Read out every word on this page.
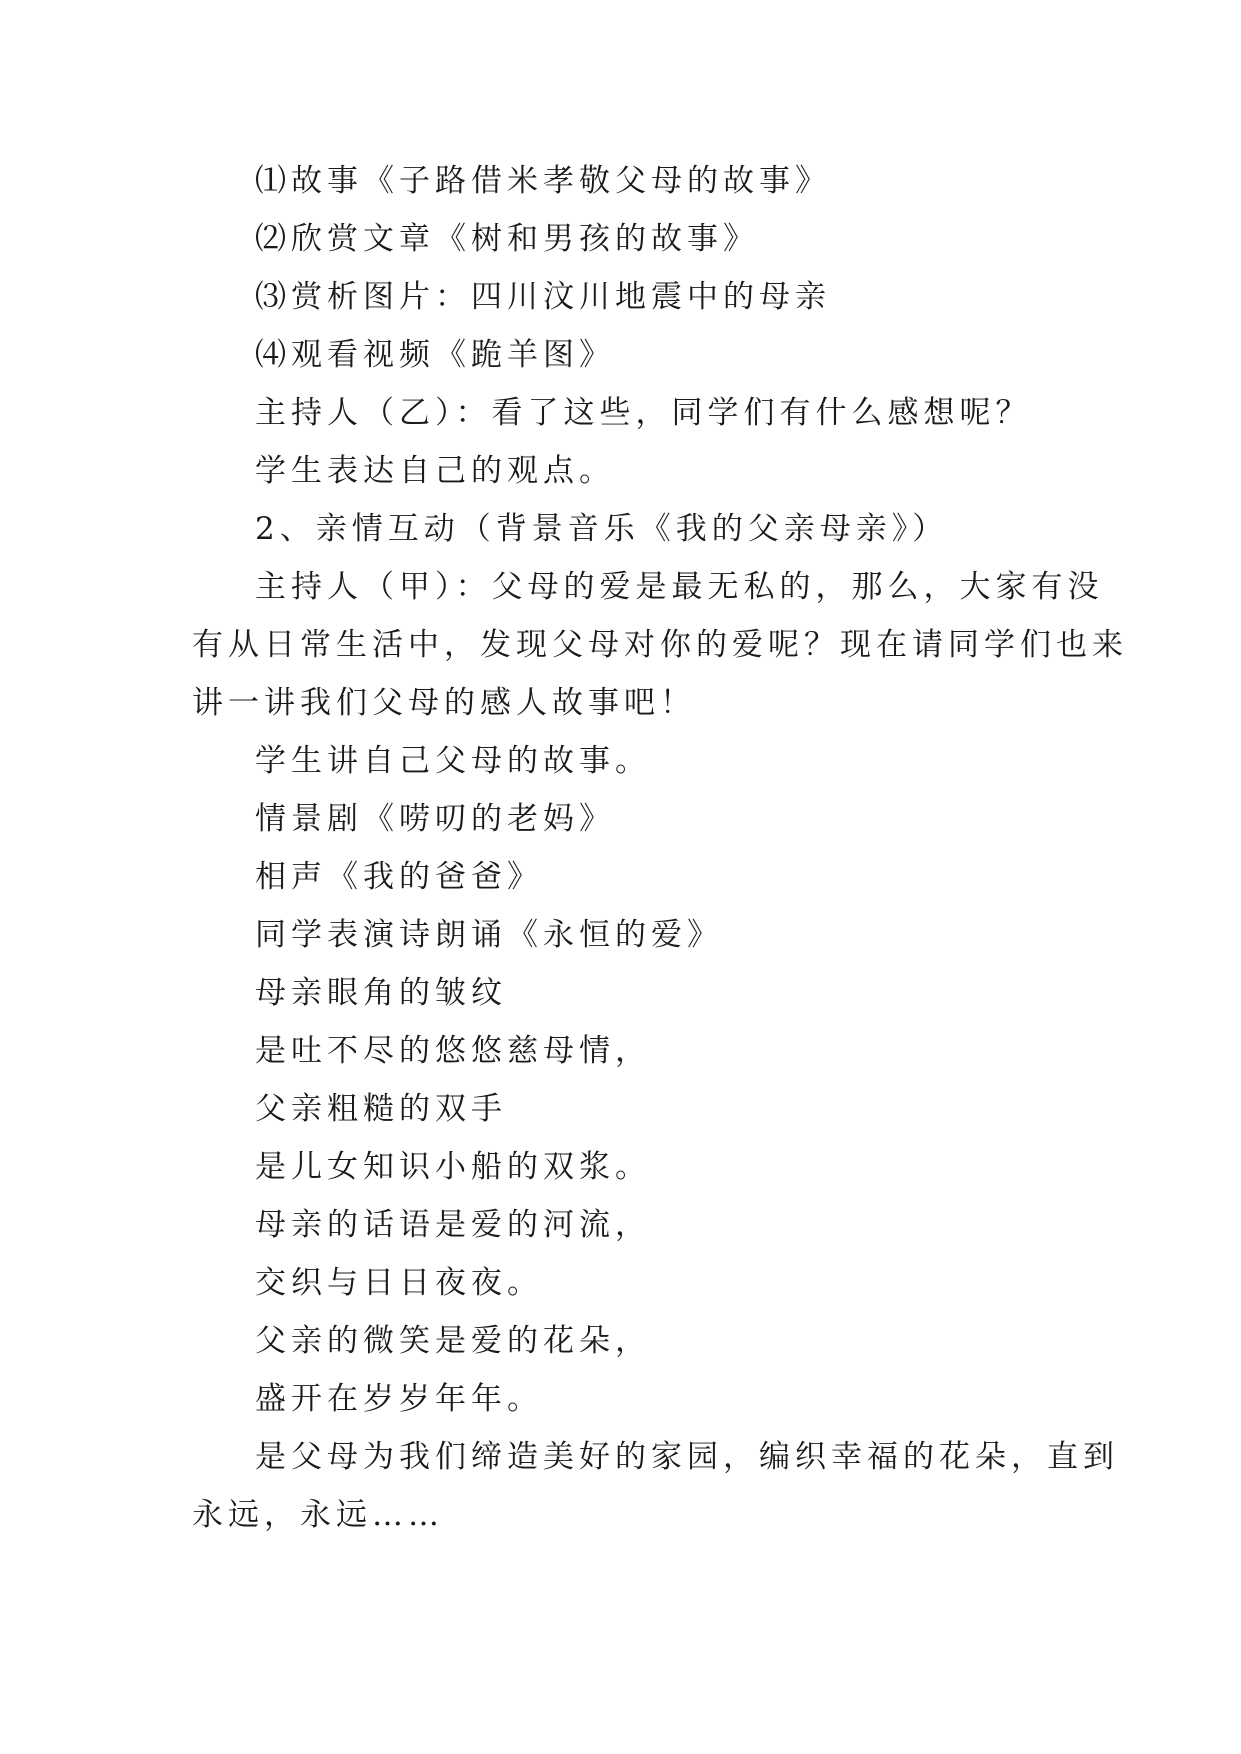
⑴故事《子路借米孝敬父母的故事》
⑵欣赏文章《树和男孩的故事》
⑶赏析图片：四川汶川地震中的母亲
⑷观看视频《跪羊图》
主持人（乙）：看了这些，同学们有什么感想呢？
学生表达自己的观点。
2、亲情互动（背景音乐《我的父亲母亲》）
主持人（甲）：父母的爱是最无私的，那么，大家有没
有从日常生活中，发现父母对你的爱呢？现在请同学们也来
讲一讲我们父母的感人故事吧！
学生讲自己父母的故事。
情景剧《唠叨的老妈》
相声《我的爸爸》
同学表演诗朗诵《永恒的爱》
母亲眼角的皱纹
是吐不尽的悠悠慈母情，
父亲粗糙的双手
是儿女知识小船的双浆。
母亲的话语是爱的河流，
交织与日日夜夜。
父亲的微笑是爱的花朵，
盛开在岁岁年年。
是父母为我们缔造美好的家园，编织幸福的花朵，直到
永远，永远……
